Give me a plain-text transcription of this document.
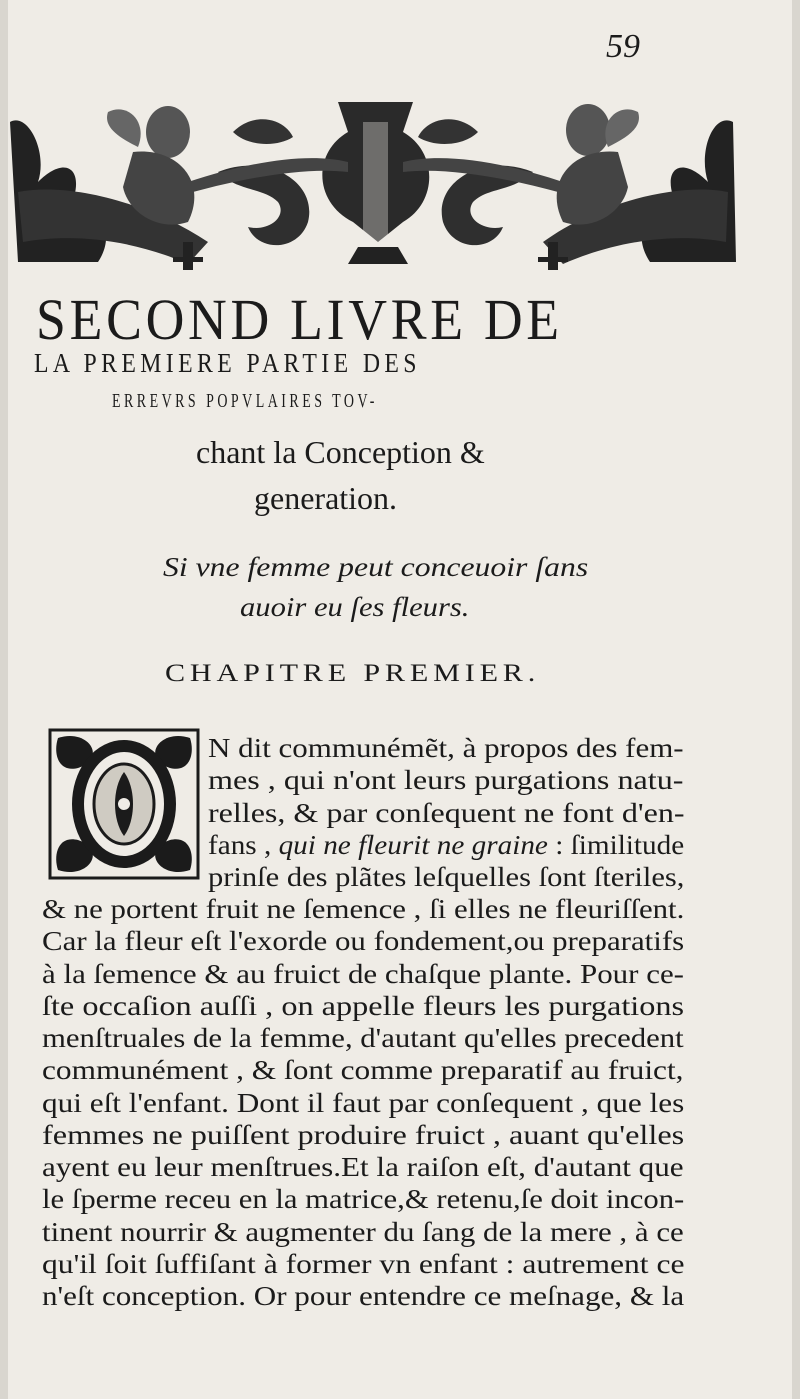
59
SECOND LIVRE DE
LA PREMIERE PARTIE DES
ERREVRS POPVLAIRES TOV-
chant la Conception &
generation.
Si vne femme peut conceuoir ſans
auoir eu ſes fleurs.
CHAPITRE PREMIER.
N dit communémẽt, à propos des fem-
mes , qui n'ont leurs purgations natu-
relles, & par conſequent ne font d'en-
fans , qui ne fleurit ne graine : ſimilitude
prinſe des plãtes leſquelles ſont ſteriles,
& ne portent fruit ne ſemence , ſi elles ne fleuriſſent.
Car la fleur eſt l'exorde ou fondement,ou preparatifs
à la ſemence & au fruict de chaſque plante. Pour ce-
ſte occaſion auſſi , on appelle fleurs les purgations
menſtruales de la femme, d'autant qu'elles precedent
communément , & ſont comme preparatif au fruict,
qui eſt l'enfant. Dont il faut par conſequent , que les
femmes ne puiſſent produire fruict , auant qu'elles
ayent eu leur menſtrues.Et la raiſon eſt, d'autant que
le ſperme receu en la matrice,& retenu,ſe doit incon-
tinent nourrir & augmenter du ſang de la mere , à ce
qu'il ſoit ſuffiſant à former vn enfant : autrement ce
n'eſt conception. Or pour entendre ce meſnage, & la
